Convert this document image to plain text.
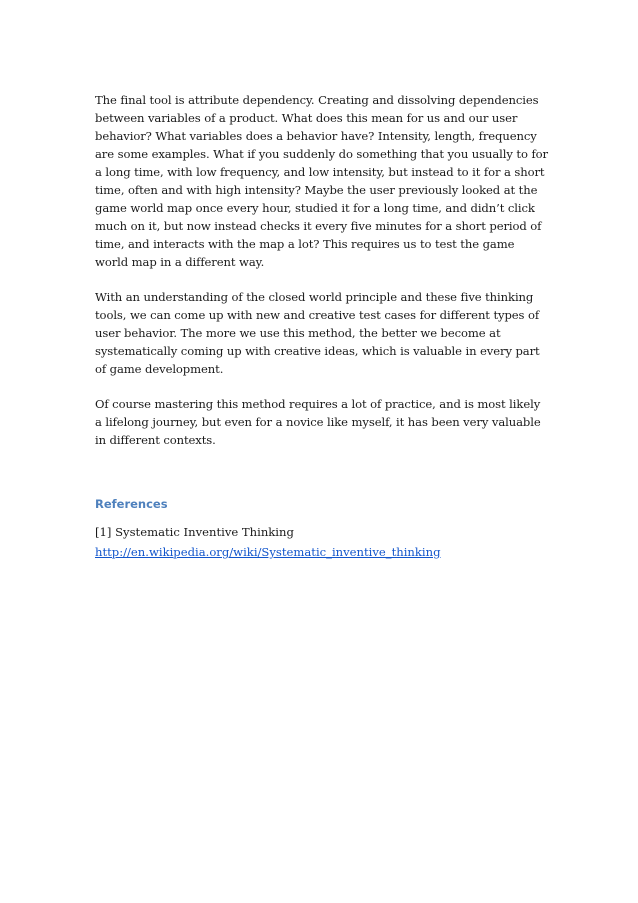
The final tool is attribute dependency. Creating and dissolving dependencies between variables of a product. What does this mean for us and our user behavior? What variables does a behavior have? Intensity, length, frequency are some examples. What if you suddenly do something that you usually to for a long time, with low frequency, and low intensity, but instead to it for a short time, often and with high intensity? Maybe the user previously looked at the game world map once every hour, studied it for a long time, and didn’t click much on it, but now instead checks it every five minutes for a short period of time, and interacts with the map a lot? This requires us to test the game world map in a different way.

With an understanding of the closed world principle and these five thinking tools, we can come up with new and creative test cases for different types of user behavior. The more we use this method, the better we become at systematically coming up with creative ideas, which is valuable in every part of game development.

Of course mastering this method requires a lot of practice, and is most likely a lifelong journey, but even for a novice like myself, it has been very valuable in different contexts.

References

[1] Systematic Inventive Thinking

http://en.wikipedia.org/wiki/Systematic_inventive_thinking
